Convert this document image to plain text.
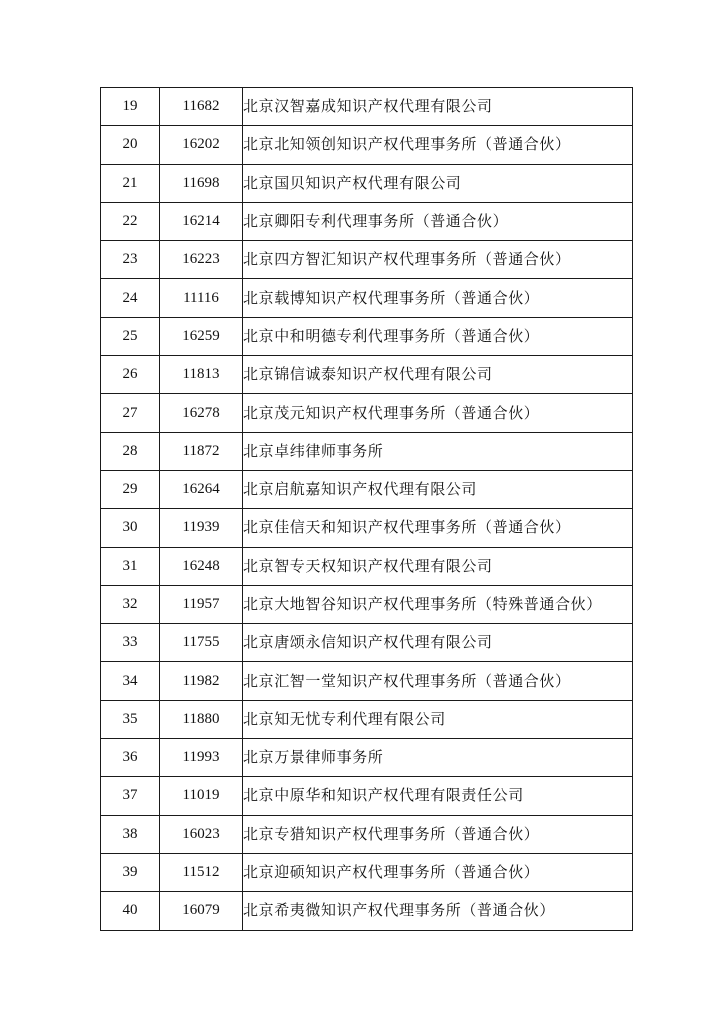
19	11682	北京汉智嘉成知识产权代理有限公司
20	16202	北京北知领创知识产权代理事务所（普通合伙）
21	11698	北京国贝知识产权代理有限公司
22	16214	北京卿阳专利代理事务所（普通合伙）
23	16223	北京四方智汇知识产权代理事务所（普通合伙）
24	11116	北京载博知识产权代理事务所（普通合伙）
25	16259	北京中和明德专利代理事务所（普通合伙）
26	11813	北京锦信诚泰知识产权代理有限公司
27	16278	北京茂元知识产权代理事务所（普通合伙）
28	11872	北京卓纬律师事务所
29	16264	北京启航嘉知识产权代理有限公司
30	11939	北京佳信天和知识产权代理事务所（普通合伙）
31	16248	北京智专天权知识产权代理有限公司
32	11957	北京大地智谷知识产权代理事务所（特殊普通合伙）
33	11755	北京唐颂永信知识产权代理有限公司
34	11982	北京汇智一堂知识产权代理事务所（普通合伙）
35	11880	北京知无忧专利代理有限公司
36	11993	北京万景律师事务所
37	11019	北京中原华和知识产权代理有限责任公司
38	16023	北京专猎知识产权代理事务所（普通合伙）
39	11512	北京迎硕知识产权代理事务所（普通合伙）
40	16079	北京希夷微知识产权代理事务所（普通合伙）
